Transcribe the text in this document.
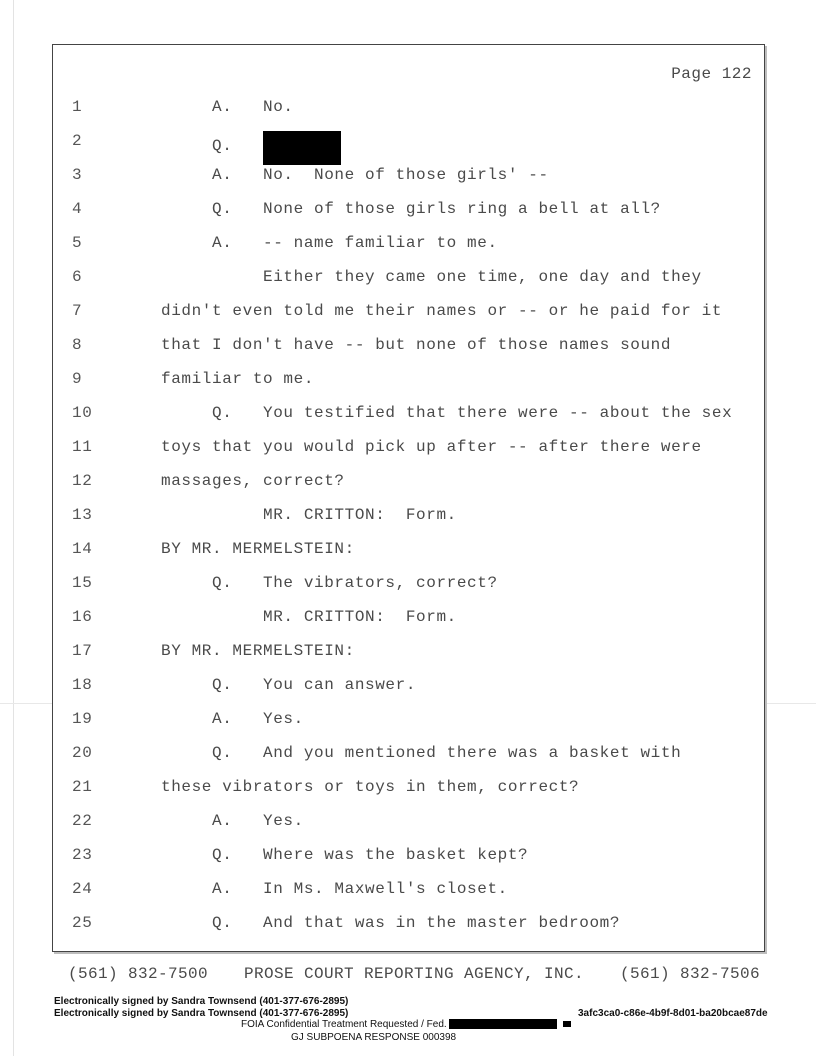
Page 122
1	A.   No.
2	Q.
3	A.   No.  None of those girls' --
4	Q.   None of those girls ring a bell at all?
5	A.   -- name familiar to me.
6	Either they came one time, one day and they
7	didn't even told me their names or -- or he paid for it
8	that I don't have -- but none of those names sound
9	familiar to me.
10	Q.   You testified that there were -- about the sex
11	toys that you would pick up after -- after there were
12	massages, correct?
13	MR. CRITTON:  Form.
14	BY MR. MERMELSTEIN:
15	Q.   The vibrators, correct?
16	MR. CRITTON:  Form.
17	BY MR. MERMELSTEIN:
18	Q.   You can answer.
19	A.   Yes.
20	Q.   And you mentioned there was a basket with
21	these vibrators or toys in them, correct?
22	A.   Yes.
23	Q.   Where was the basket kept?
24	A.   In Ms. Maxwell's closet.
25	Q.   And that was in the master bedroom?
(561) 832-7500 PROSE COURT REPORTING AGENCY, INC. (561) 832-7506
Electronically signed by Sandra Townsend (401-377-676-2895)
Electronically signed by Sandra Townsend (401-377-676-2895)	3afc3ca0-c86e-4b9f-8d01-ba20bcae87de
FOIA Confidential Treatment Requested / Fed.
GJ SUBPOENA RESPONSE 000398
